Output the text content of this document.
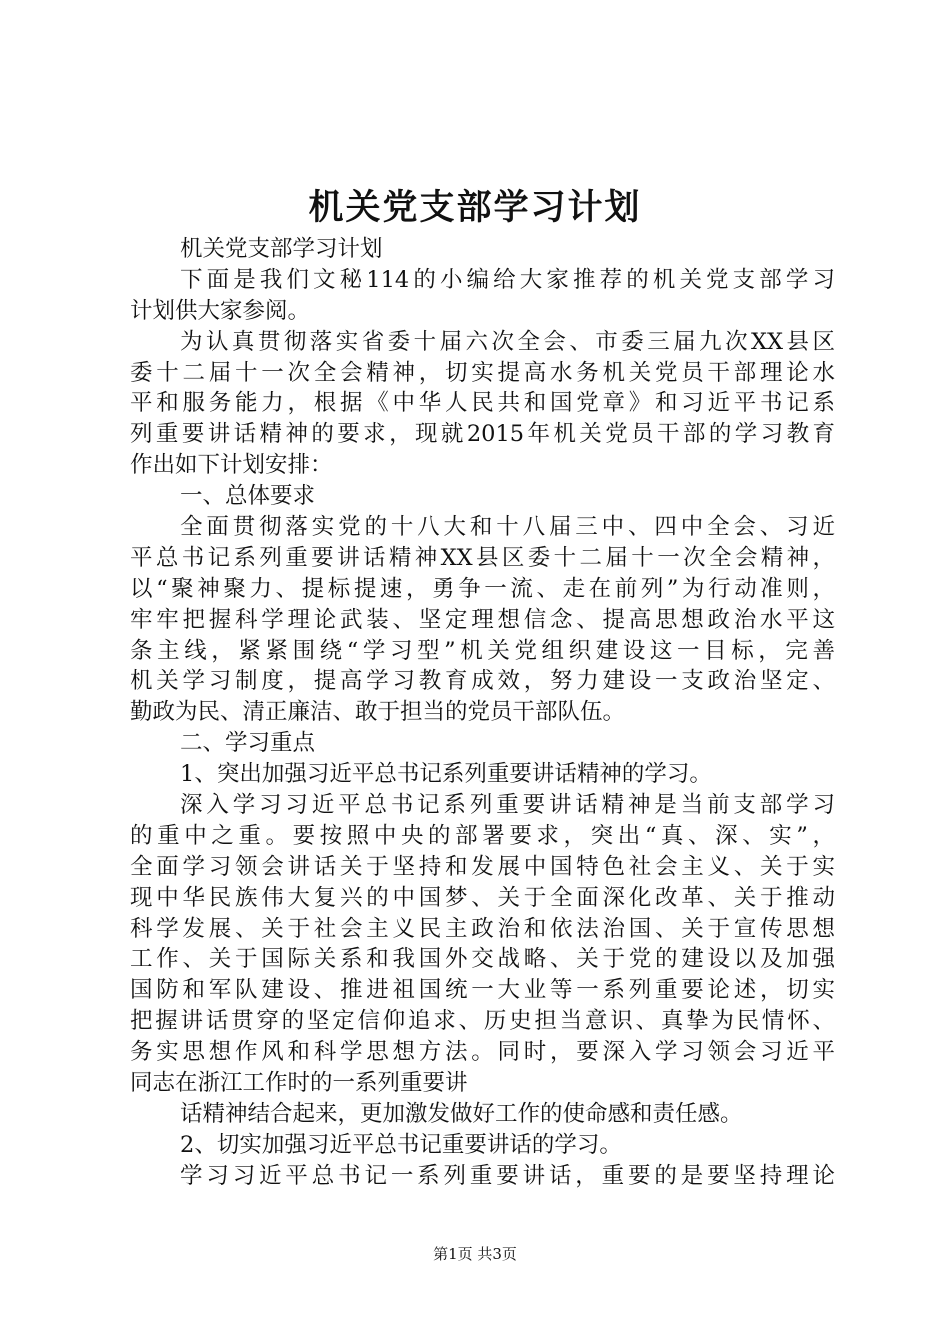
机关党支部学习计划
机关党支部学习计划
下面是我们文秘114的小编给大家推荐的机关党支部学习
计划供大家参阅。
为认真贯彻落实省委十届六次全会、市委三届九次XX县区
委十二届十一次全会精神，切实提高水务机关党员干部理论水
平和服务能力，根据《中华人民共和国党章》和习近平书记系
列重要讲话精神的要求，现就2015年机关党员干部的学习教育
作出如下计划安排：
一、总体要求
全面贯彻落实党的十八大和十八届三中、四中全会、习近
平总书记系列重要讲话精神XX县区委十二届十一次全会精神，
以“聚神聚力、提标提速，勇争一流、走在前列”为行动准则，
牢牢把握科学理论武装、坚定理想信念、提高思想政治水平这
条主线，紧紧围绕“学习型”机关党组织建设这一目标，完善
机关学习制度，提高学习教育成效，努力建设一支政治坚定、
勤政为民、清正廉洁、敢于担当的党员干部队伍。
二、学习重点
1、突出加强习近平总书记系列重要讲话精神的学习。
深入学习习近平总书记系列重要讲话精神是当前支部学习
的重中之重。要按照中央的部署要求，突出“真、深、实”，
全面学习领会讲话关于坚持和发展中国特色社会主义、关于实
现中华民族伟大复兴的中国梦、关于全面深化改革、关于推动
科学发展、关于社会主义民主政治和依法治国、关于宣传思想
工作、关于国际关系和我国外交战略、关于党的建设以及加强
国防和军队建设、推进祖国统一大业等一系列重要论述，切实
把握讲话贯穿的坚定信仰追求、历史担当意识、真挚为民情怀、
务实思想作风和科学思想方法。同时，要深入学习领会习近平
同志在浙江工作时的一系列重要讲
话精神结合起来，更加激发做好工作的使命感和责任感。
2、切实加强习近平总书记重要讲话的学习。
学习习近平总书记一系列重要讲话，重要的是要坚持理论
第1页 共3页
